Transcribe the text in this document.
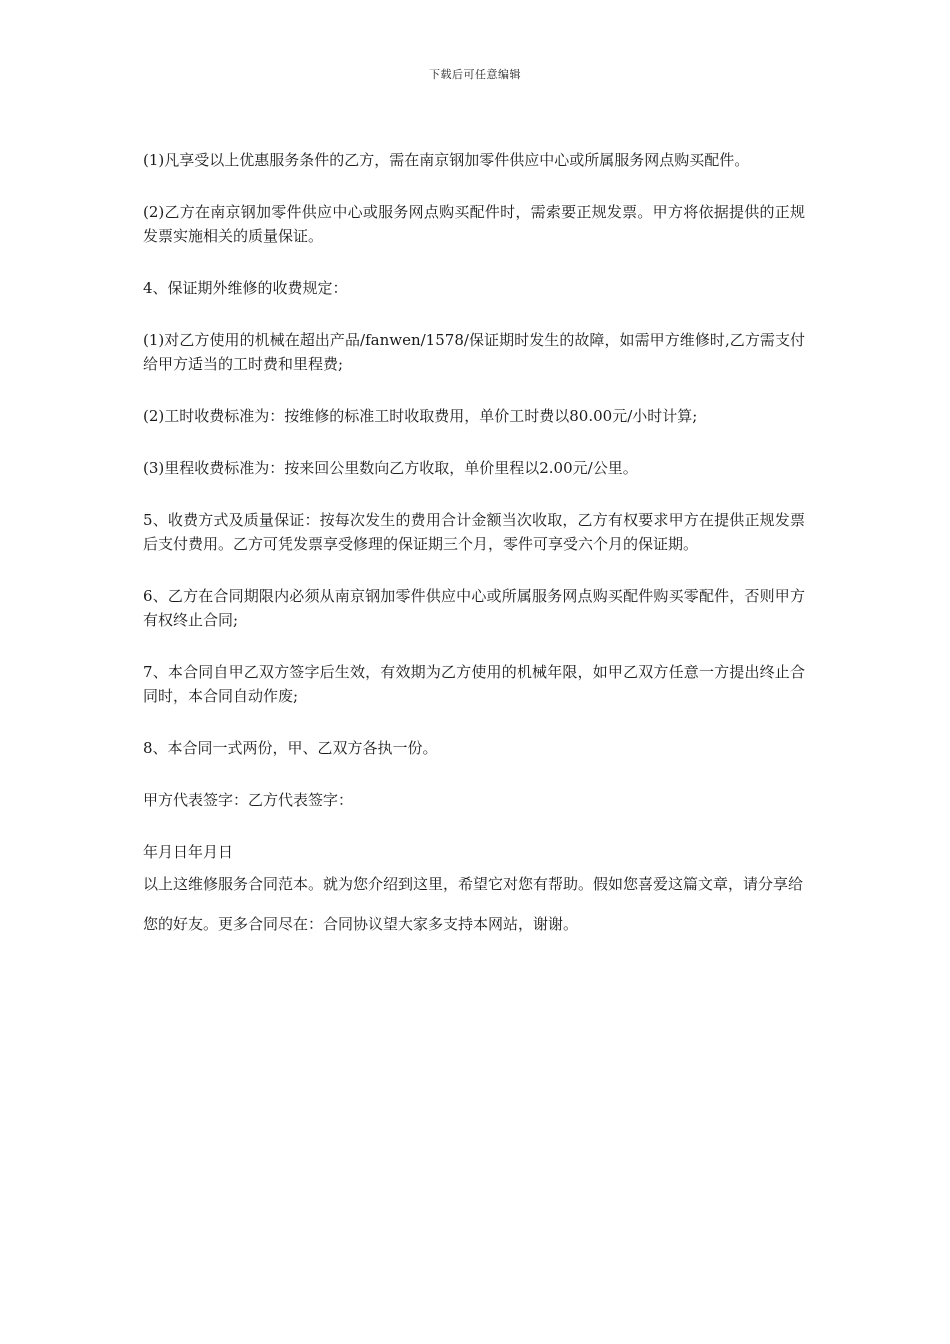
下载后可任意编辑

(1)凡享受以上优惠服务条件的乙方，需在南京钢加零件供应中心或所属服务网点购买配件。

(2)乙方在南京钢加零件供应中心或服务网点购买配件时，需索要正规发票。甲方将依据提供的正规发票实施相关的质量保证。

4、保证期外维修的收费规定：

(1)对乙方使用的机械在超出产品/fanwen/1578/保证期时发生的故障，如需甲方维修时,乙方需支付给甲方适当的工时费和里程费;

(2)工时收费标准为：按维修的标准工时收取费用，单价工时费以80.00元/小时计算;

(3)里程收费标准为：按来回公里数向乙方收取，单价里程以2.00元/公里。

5、收费方式及质量保证：按每次发生的费用合计金额当次收取，乙方有权要求甲方在提供正规发票后支付费用。乙方可凭发票享受修理的保证期三个月，零件可享受六个月的保证期。

6、乙方在合同期限内必须从南京钢加零件供应中心或所属服务网点购买配件购买零配件，否则甲方有权终止合同;

7、本合同自甲乙双方签字后生效，有效期为乙方使用的机械年限，如甲乙双方任意一方提出终止合同时，本合同自动作废;

8、本合同一式两份，甲、乙双方各执一份。

甲方代表签字：乙方代表签字：

年月日年月日

以上这维修服务合同范本。就为您介绍到这里，希望它对您有帮助。假如您喜爱这篇文章，请分享给您的好友。更多合同尽在：合同协议望大家多支持本网站，谢谢。
